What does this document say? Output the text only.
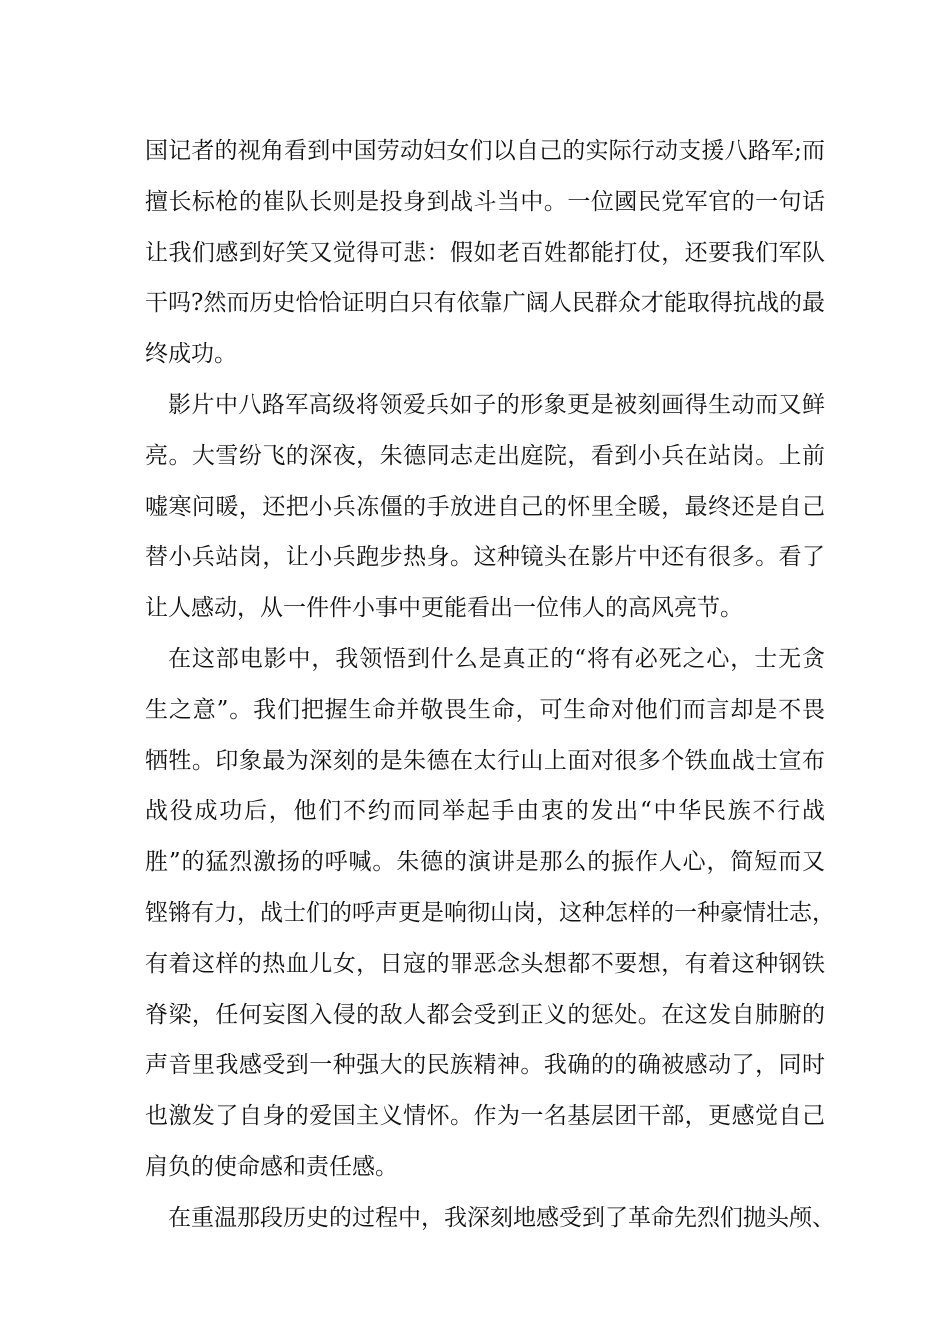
国记者的视角看到中国劳动妇女们以自己的实际行动支援八路军;而
擅长标枪的崔队长则是投身到战斗当中。一位國民党军官的一句话
让我们感到好笑又觉得可悲：假如老百姓都能打仗，还要我们军队
干吗?然而历史恰恰证明白只有依靠广阔人民群众才能取得抗战的最
终成功。
影片中八路军高级将领爱兵如子的形象更是被刻画得生动而又鲜
亮。大雪纷飞的深夜，朱德同志走出庭院，看到小兵在站岗。上前
嘘寒问暖，还把小兵冻僵的手放进自己的怀里全暖，最终还是自己
替小兵站岗，让小兵跑步热身。这种镜头在影片中还有很多。看了
让人感动，从一件件小事中更能看出一位伟人的高风亮节。
在这部电影中，我领悟到什么是真正的“将有必死之心，士无贪
生之意”。我们把握生命并敬畏生命，可生命对他们而言却是不畏
牺牲。印象最为深刻的是朱德在太行山上面对很多个铁血战士宣布
战役成功后，他们不约而同举起手由衷的发出“中华民族不行战
胜”的猛烈激扬的呼喊。朱德的演讲是那么的振作人心，简短而又
铿锵有力，战士们的呼声更是响彻山岗，这种怎样的一种豪情壮志，
有着这样的热血儿女，日寇的罪恶念头想都不要想，有着这种钢铁
脊梁，任何妄图入侵的敌人都会受到正义的惩处。在这发自肺腑的
声音里我感受到一种强大的民族精神。我确的的确被感动了，同时
也激发了自身的爱国主义情怀。作为一名基层团干部，更感觉自己
肩负的使命感和责任感。
在重温那段历史的过程中，我深刻地感受到了革命先烈们抛头颅、
